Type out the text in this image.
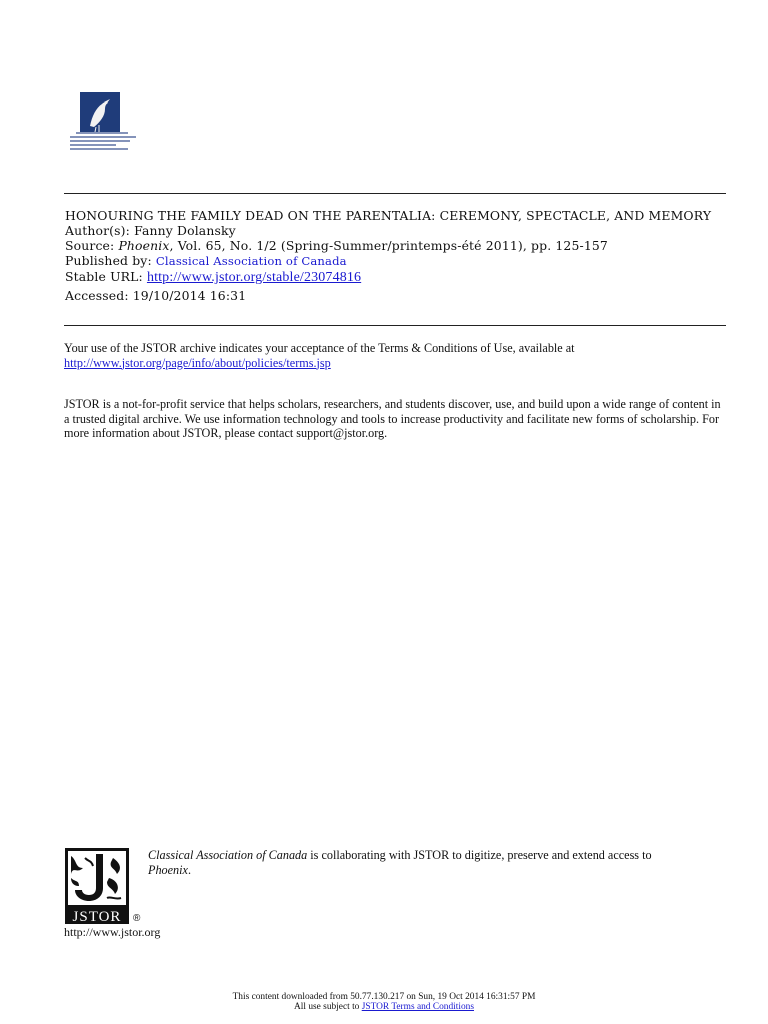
HONOURING THE FAMILY DEAD ON THE PARENTALIA: CEREMONY, SPECTACLE, AND MEMORY

Author(s): Fanny Dolansky

Source: Phoenix, Vol. 65, No. 1/2 (Spring-Summer/printemps-été 2011), pp. 125-157

Published by: Classical Association of Canada

Stable URL: http://www.jstor.org/stable/23074816

Accessed: 19/10/2014 16:31

Your use of the JSTOR archive indicates your acceptance of the Terms & Conditions of Use, available at
http://www.jstor.org/page/info/about/policies/terms.jsp
JSTOR is a not-for-profit service that helps scholars, researchers, and students discover, use, and build upon a wide range of content in a trusted digital archive. We use information technology and tools to increase productivity and facilitate new forms of scholarship. For more information about JSTOR, please contact support@jstor.org.
JSTOR ®
Classical Association of Canada is collaborating with JSTOR to digitize, preserve and extend access to
Phoenix.
http://www.jstor.org
This content downloaded from 50.77.130.217 on Sun, 19 Oct 2014 16:31:57 PM
All use subject to JSTOR Terms and Conditions
